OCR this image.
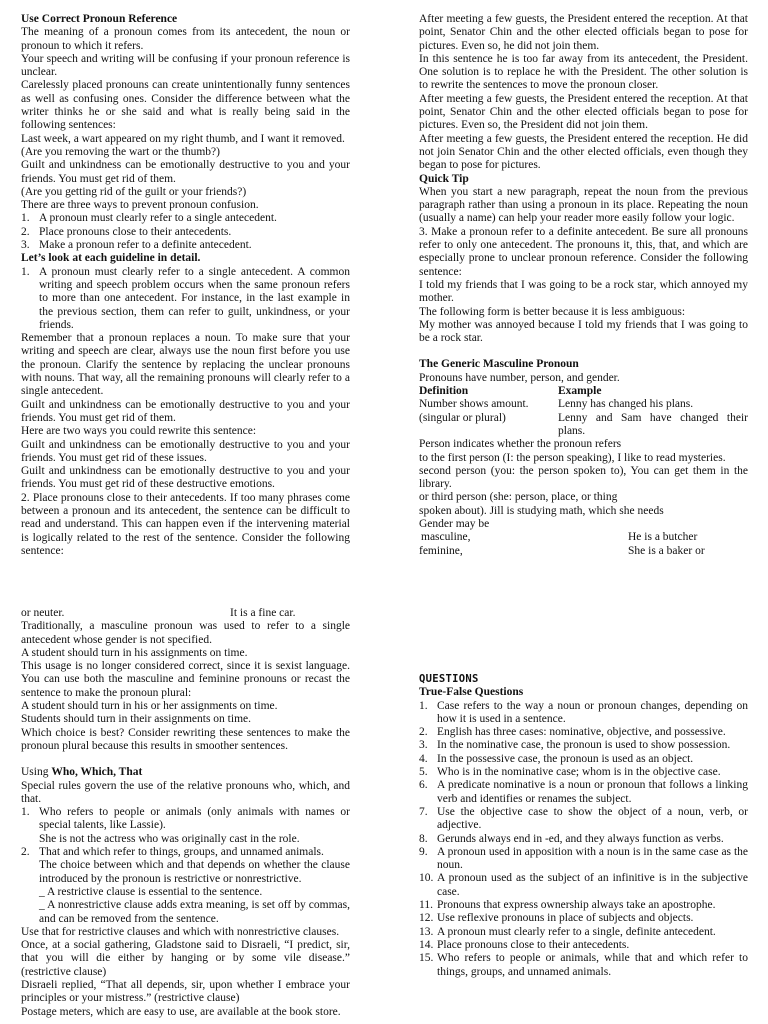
Use Correct Pronoun Reference

The meaning of a pronoun comes from its antecedent, the noun or pronoun to which it refers.

Your speech and writing will be confusing if your pronoun reference is unclear.

Carelessly placed pronouns can create unintentionally funny sentences as well as confusing ones. Consider the difference between what the writer thinks he or she said and what is really being said in the following sentences:

Last week, a wart appeared on my right thumb, and I want it removed.

(Are you removing the wart or the thumb?)

Guilt and unkindness can be emotionally destructive to you and your friends. You must get rid of them.

(Are you getting rid of the guilt or your friends?)

There are three ways to prevent pronoun confusion.

1. A pronoun must clearly refer to a single antecedent.
2. Place pronouns close to their antecedents.
3. Make a pronoun refer to a definite antecedent.

Let’s look at each guideline in detail.

1. A pronoun must clearly refer to a single antecedent. A common writing and speech problem occurs when the same pronoun refers to more than one antecedent. For instance, in the last example in the previous section, them can refer to guilt, unkindness, or your friends.

Remember that a pronoun replaces a noun. To make sure that your writing and speech are clear, always use the noun first before you use the pronoun. Clarify the sentence by replacing the unclear pronouns with nouns. That way, all the remaining pronouns will clearly refer to a single antecedent.

Guilt and unkindness can be emotionally destructive to you and your friends. You must get rid of them.

Here are two ways you could rewrite this sentence:

Guilt and unkindness can be emotionally destructive to you and your friends. You must get rid of these issues.

Guilt and unkindness can be emotionally destructive to you and your friends. You must get rid of these destructive emotions.

2. Place pronouns close to their antecedents. If too many phrases come between a pronoun and its antecedent, the sentence can be difficult to read and understand. This can happen even if the intervening material is logically related to the rest of the sentence. Consider the following sentence:

After meeting a few guests, the President entered the reception. At that point, Senator Chin and the other elected officials began to pose for pictures. Even so, he did not join them.

In this sentence he is too far away from its antecedent, the President. One solution is to replace he with the President. The other solution is to rewrite the sentences to move the pronoun closer.

After meeting a few guests, the President entered the reception. At that point, Senator Chin and the other elected officials began to pose for pictures. Even so, the President did not join them.

After meeting a few guests, the President entered the reception. He did not join Senator Chin and the other elected officials, even though they began to pose for pictures.

Quick Tip

When you start a new paragraph, repeat the noun from the previous paragraph rather than using a pronoun in its place. Repeating the noun (usually a name) can help your reader more easily follow your logic.

3. Make a pronoun refer to a definite antecedent. Be sure all pronouns refer to only one antecedent. The pronouns it, this, that, and which are especially prone to unclear pronoun reference. Consider the following sentence:

I told my friends that I was going to be a rock star, which annoyed my mother.

The following form is better because it is less ambiguous:

My mother was annoyed because I told my friends that I was going to be a rock star.

The Generic Masculine Pronoun

Pronouns have number, person, and gender.

Definition	Example
Number shows amount.	Lenny has changed his plans.
(singular or plural)	Lenny and Sam have changed their plans.

Person indicates whether the pronoun refers

to the first person (I: the person speaking), I like to read mysteries.

second person (you: the person spoken to), You can get them in the library.

or third person (she: person, place, or thing

spoken about). Jill is studying math, which she needs

Gender may be

masculine,	He is a butcher
feminine,	She is a baker or
or neuter.	It is a fine car.

Traditionally, a masculine pronoun was used to refer to a single antecedent whose gender is not specified.

A student should turn in his assignments on time.

This usage is no longer considered correct, since it is sexist language. You can use both the masculine and feminine pronouns or recast the sentence to make the pronoun plural:

A student should turn in his or her assignments on time.

Students should turn in their assignments on time.

Which choice is best? Consider rewriting these sentences to make the pronoun plural because this results in smoother sentences.

Using Who, Which, That

Special rules govern the use of the relative pronouns who, which, and that.

1. Who refers to people or animals (only animals with names or special talents, like Lassie).

She is not the actress who was originally cast in the role.

2. That and which refer to things, groups, and unnamed animals.

The choice between which and that depends on whether the clause introduced by the pronoun is restrictive or nonrestrictive.

_ A restrictive clause is essential to the sentence.

_ A nonrestrictive clause adds extra meaning, is set off by commas, and can be removed from the sentence.

Use that for restrictive clauses and which with nonrestrictive clauses.

Once, at a social gathering, Gladstone said to Disraeli, “I predict, sir, that you will die either by hanging or by some vile disease.” (restrictive clause)

Disraeli replied, “That all depends, sir, upon whether I embrace your principles or your mistress.” (restrictive clause)

Postage meters, which are easy to use, are available at the book store.

QUESTIONS

True-False Questions

1. Case refers to the way a noun or pronoun changes, depending on how it is used in a sentence.
2. English has three cases: nominative, objective, and possessive.
3. In the nominative case, the pronoun is used to show possession.
4. In the possessive case, the pronoun is used as an object.
5. Who is in the nominative case; whom is in the objective case.
6. A predicate nominative is a noun or pronoun that follows a linking verb and identifies or renames the subject.
7. Use the objective case to show the object of a noun, verb, or adjective.
8. Gerunds always end in -ed, and they always function as verbs.
9. A pronoun used in apposition with a noun is in the same case as the noun.
10. A pronoun used as the subject of an infinitive is in the subjective case.
11. Pronouns that express ownership always take an apostrophe.
12. Use reflexive pronouns in place of subjects and objects.
13. A pronoun must clearly refer to a single, definite antecedent.
14. Place pronouns close to their antecedents.
15. Who refers to people or animals, while that and which refer to things, groups, and unnamed animals.
